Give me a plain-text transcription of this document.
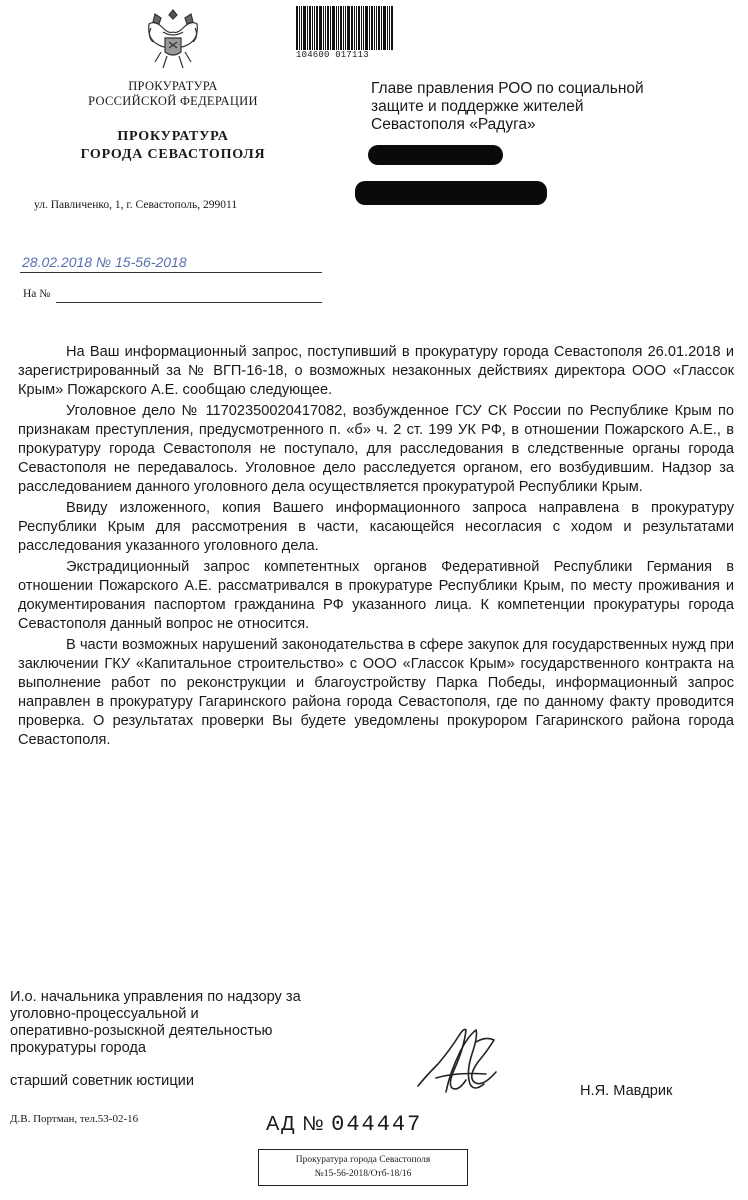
ПРОКУРАТУРА
РОССИЙСКОЙ ФЕДЕРАЦИИ
ПРОКУРАТУРА
ГОРОДА СЕВАСТОПОЛЯ
ул. Павличенко, 1, г. Севастополь, 299011
104600 017113
Главе правления РОО по социальной
защите и поддержке жителей
Севастополя «Радуга»
28.02.2018 № 15-56-2018
На №

На Ваш информационный запрос, поступивший в прокуратуру города Севастополя 26.01.2018 и зарегистрированный за № ВГП-16-18, о возможных незаконных действиях директора ООО «Глассок Крым» Пожарского А.Е. сообщаю следующее.

Уголовное дело № 11702350020417082, возбужденное ГСУ СК России по Республике Крым по признакам преступления, предусмотренного п. «б» ч. 2 ст. 199 УК РФ, в отношении Пожарского А.Е., в прокуратуру города Севастополя не поступало, для расследования в следственные органы города Севастополя не передавалось. Уголовное дело расследуется органом, его возбудившим. Надзор за расследованием данного уголовного дела осуществляется прокуратурой Республики Крым.

Ввиду изложенного, копия Вашего информационного запроса направлена в прокуратуру Республики Крым для рассмотрения в части, касающейся несогласия с ходом и результатами расследования указанного уголовного дела.

Экстрадиционный запрос компетентных органов Федеративной Республики Германия в отношении Пожарского А.Е. рассматривался в прокуратуре Республики Крым, по месту проживания и документирования паспортом гражданина РФ указанного лица. К компетенции прокуратуры города Севастополя данный вопрос не относится.

В части возможных нарушений законодательства в сфере закупок для государственных нужд при заключении ГКУ «Капитальное строительство» с ООО «Глассок Крым» государственного контракта на выполнение работ по реконструкции и благоустройству Парка Победы, информационный запрос направлен в прокуратуру Гагаринского района города Севастополя, где по данному факту проводится проверка. О результатах проверки Вы будете уведомлены прокурором Гагаринского района города Севастополя.

И.о. начальника управления по надзору за
уголовно-процессуальной и
оперативно-розыскной деятельностью
прокуратуры города
старший советник юстиции
Н.Я. Мавдрик
Д.В. Портман, тел.53-02-16	АД № 044447
Прокуратура города Севастополя
№15-56-2018/Отб-18/16
